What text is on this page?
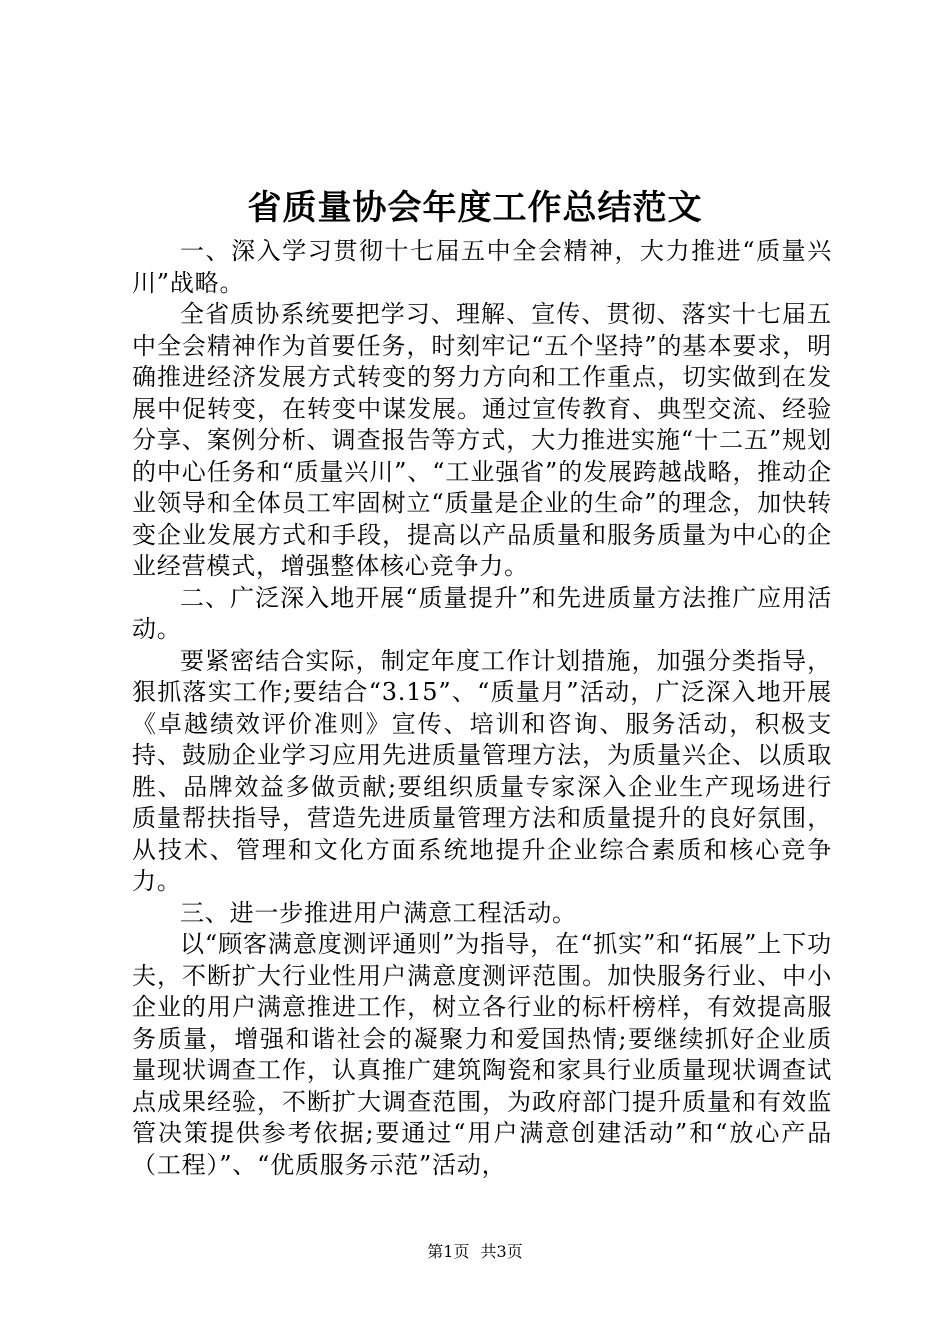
省质量协会年度工作总结范文

一、深入学习贯彻十七届五中全会精神，大力推进“质量兴川”战略。

全省质协系统要把学习、理解、宣传、贯彻、落实十七届五中全会精神作为首要任务，时刻牢记“五个坚持”的基本要求，明确推进经济发展方式转变的努力方向和工作重点，切实做到在发展中促转变，在转变中谋发展。通过宣传教育、典型交流、经验分享、案例分析、调查报告等方式，大力推进实施“十二五”规划的中心任务和“质量兴川”、“工业强省”的发展跨越战略，推动企业领导和全体员工牢固树立“质量是企业的生命”的理念，加快转变企业发展方式和手段，提高以产品质量和服务质量为中心的企业经营模式，增强整体核心竞争力。

二、广泛深入地开展“质量提升”和先进质量方法推广应用活动。

要紧密结合实际，制定年度工作计划措施，加强分类指导，狠抓落实工作;要结合“3.15”、“质量月”活动，广泛深入地开展《卓越绩效评价准则》宣传、培训和咨询、服务活动，积极支持、鼓励企业学习应用先进质量管理方法，为质量兴企、以质取胜、品牌效益多做贡献;要组织质量专家深入企业生产现场进行质量帮扶指导，营造先进质量管理方法和质量提升的良好氛围，从技术、管理和文化方面系统地提升企业综合素质和核心竞争力。

三、进一步推进用户满意工程活动。

以“顾客满意度测评通则”为指导，在“抓实”和“拓展”上下功夫，不断扩大行业性用户满意度测评范围。加快服务行业、中小企业的用户满意推进工作，树立各行业的标杆榜样，有效提高服务质量，增强和谐社会的凝聚力和爱国热情;要继续抓好企业质量现状调查工作，认真推广建筑陶瓷和家具行业质量现状调查试点成果经验，不断扩大调查范围，为政府部门提升质量和有效监管决策提供参考依据;要通过“用户满意创建活动”和“放心产品（工程）”、“优质服务示范”活动，

第1页 共3页
